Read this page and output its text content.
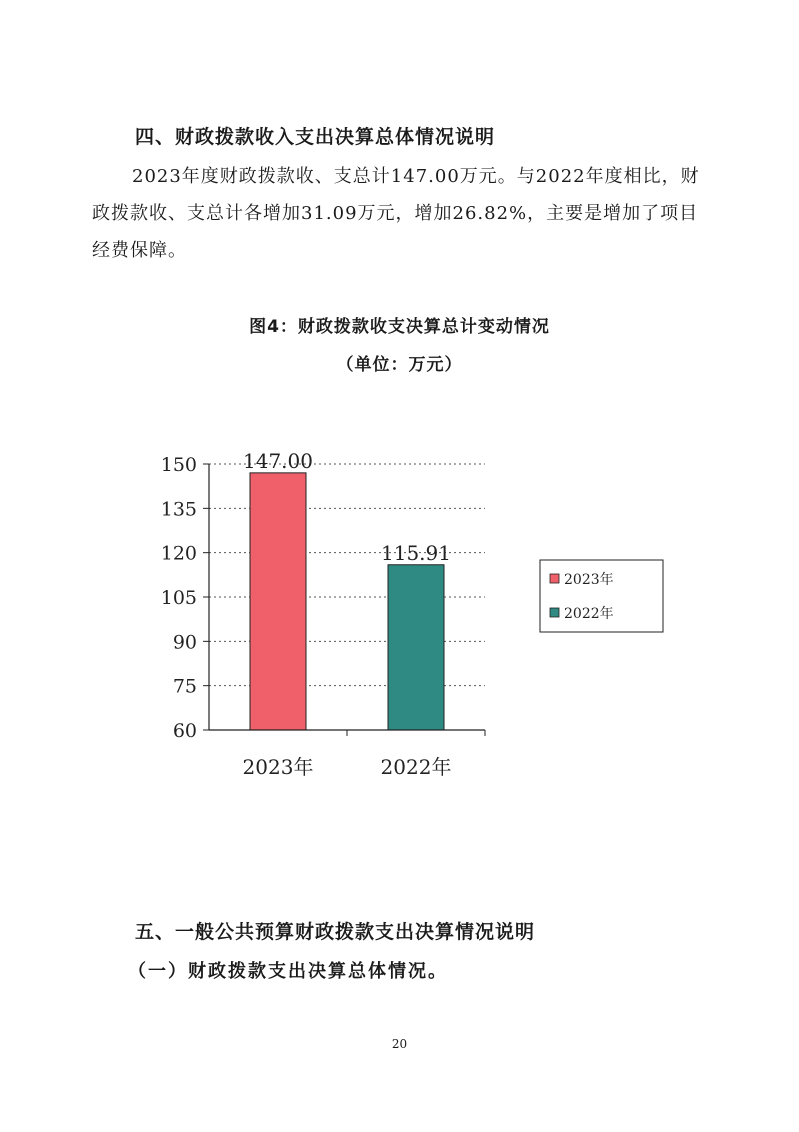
四、财政拨款收入支出决算总体情况说明
2023年度财政拨款收、支总计147.00万元。与2022年度相比，财政拨款收、支总计各增加31.09万元，增加26.82%，主要是增加了项目经费保障。
图4：财政拨款收支决算总计变动情况
（单位：万元）
147.00
115.91
60
75
90
105
120
135
150
2023年	2022年
2023年
2022年
五、一般公共预算财政拨款支出决算情况说明
（一）财政拨款支出决算总体情况。
20
